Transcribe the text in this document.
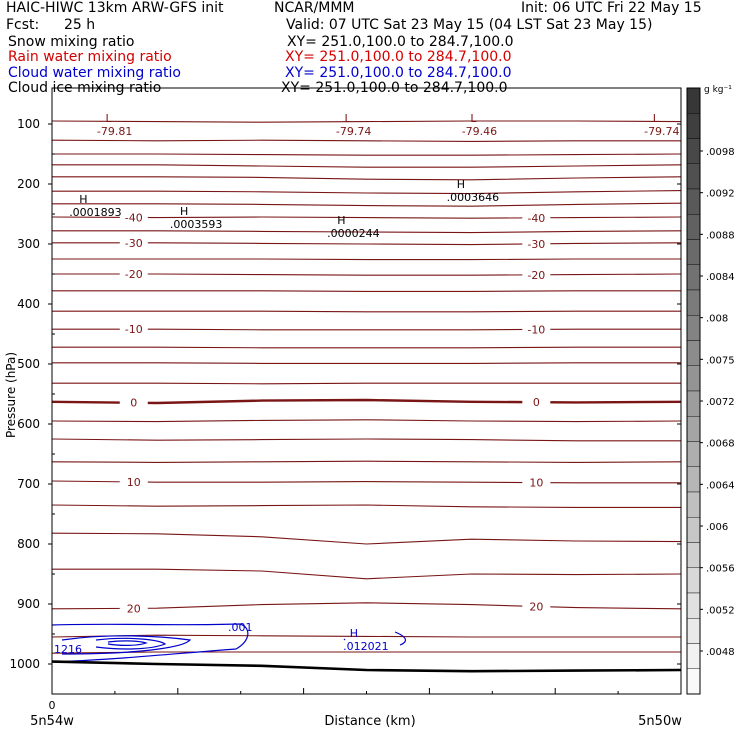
HAIC-HIWC 13km ARW-GFS init	NCAR/MMM	Init: 06 UTC Fri 22 May 15
Fcst: 25 h	Valid: 07 UTC Sat 23 May 15 (04 LST Sat 23 May 15)
Snow mixing ratio	XY= 251.0,100.0 to 284.7,100.0
Rain water mixing ratio	XY= 251.0,100.0 to 284.7,100.0
Cloud water mixing ratio	XY= 251.0,100.0 to 284.7,100.0
Cloud ice mixing ratio	XY= 251.0,100.0 to 284.7,100.0
-40	-40
-30	-30
-20	-20
-10	-10
0	0
10	10
20	20
L
-79.81
L
-79.74
L
-79.46
L
-79.74
H
.0001893	H
.0003593	H
.0000244
H
.0003646
H
.012021
100
200
300
400
500
600
700
800
900
1000
.0098
.0092
.0088
.0084
.008
.0075
.0072
.0068
.0064
.006
.0056
.0052
.0048
Pressure (hPa)
Distance (km)
0
5n54w	5n50w
g kg⁻¹
.001
1216
